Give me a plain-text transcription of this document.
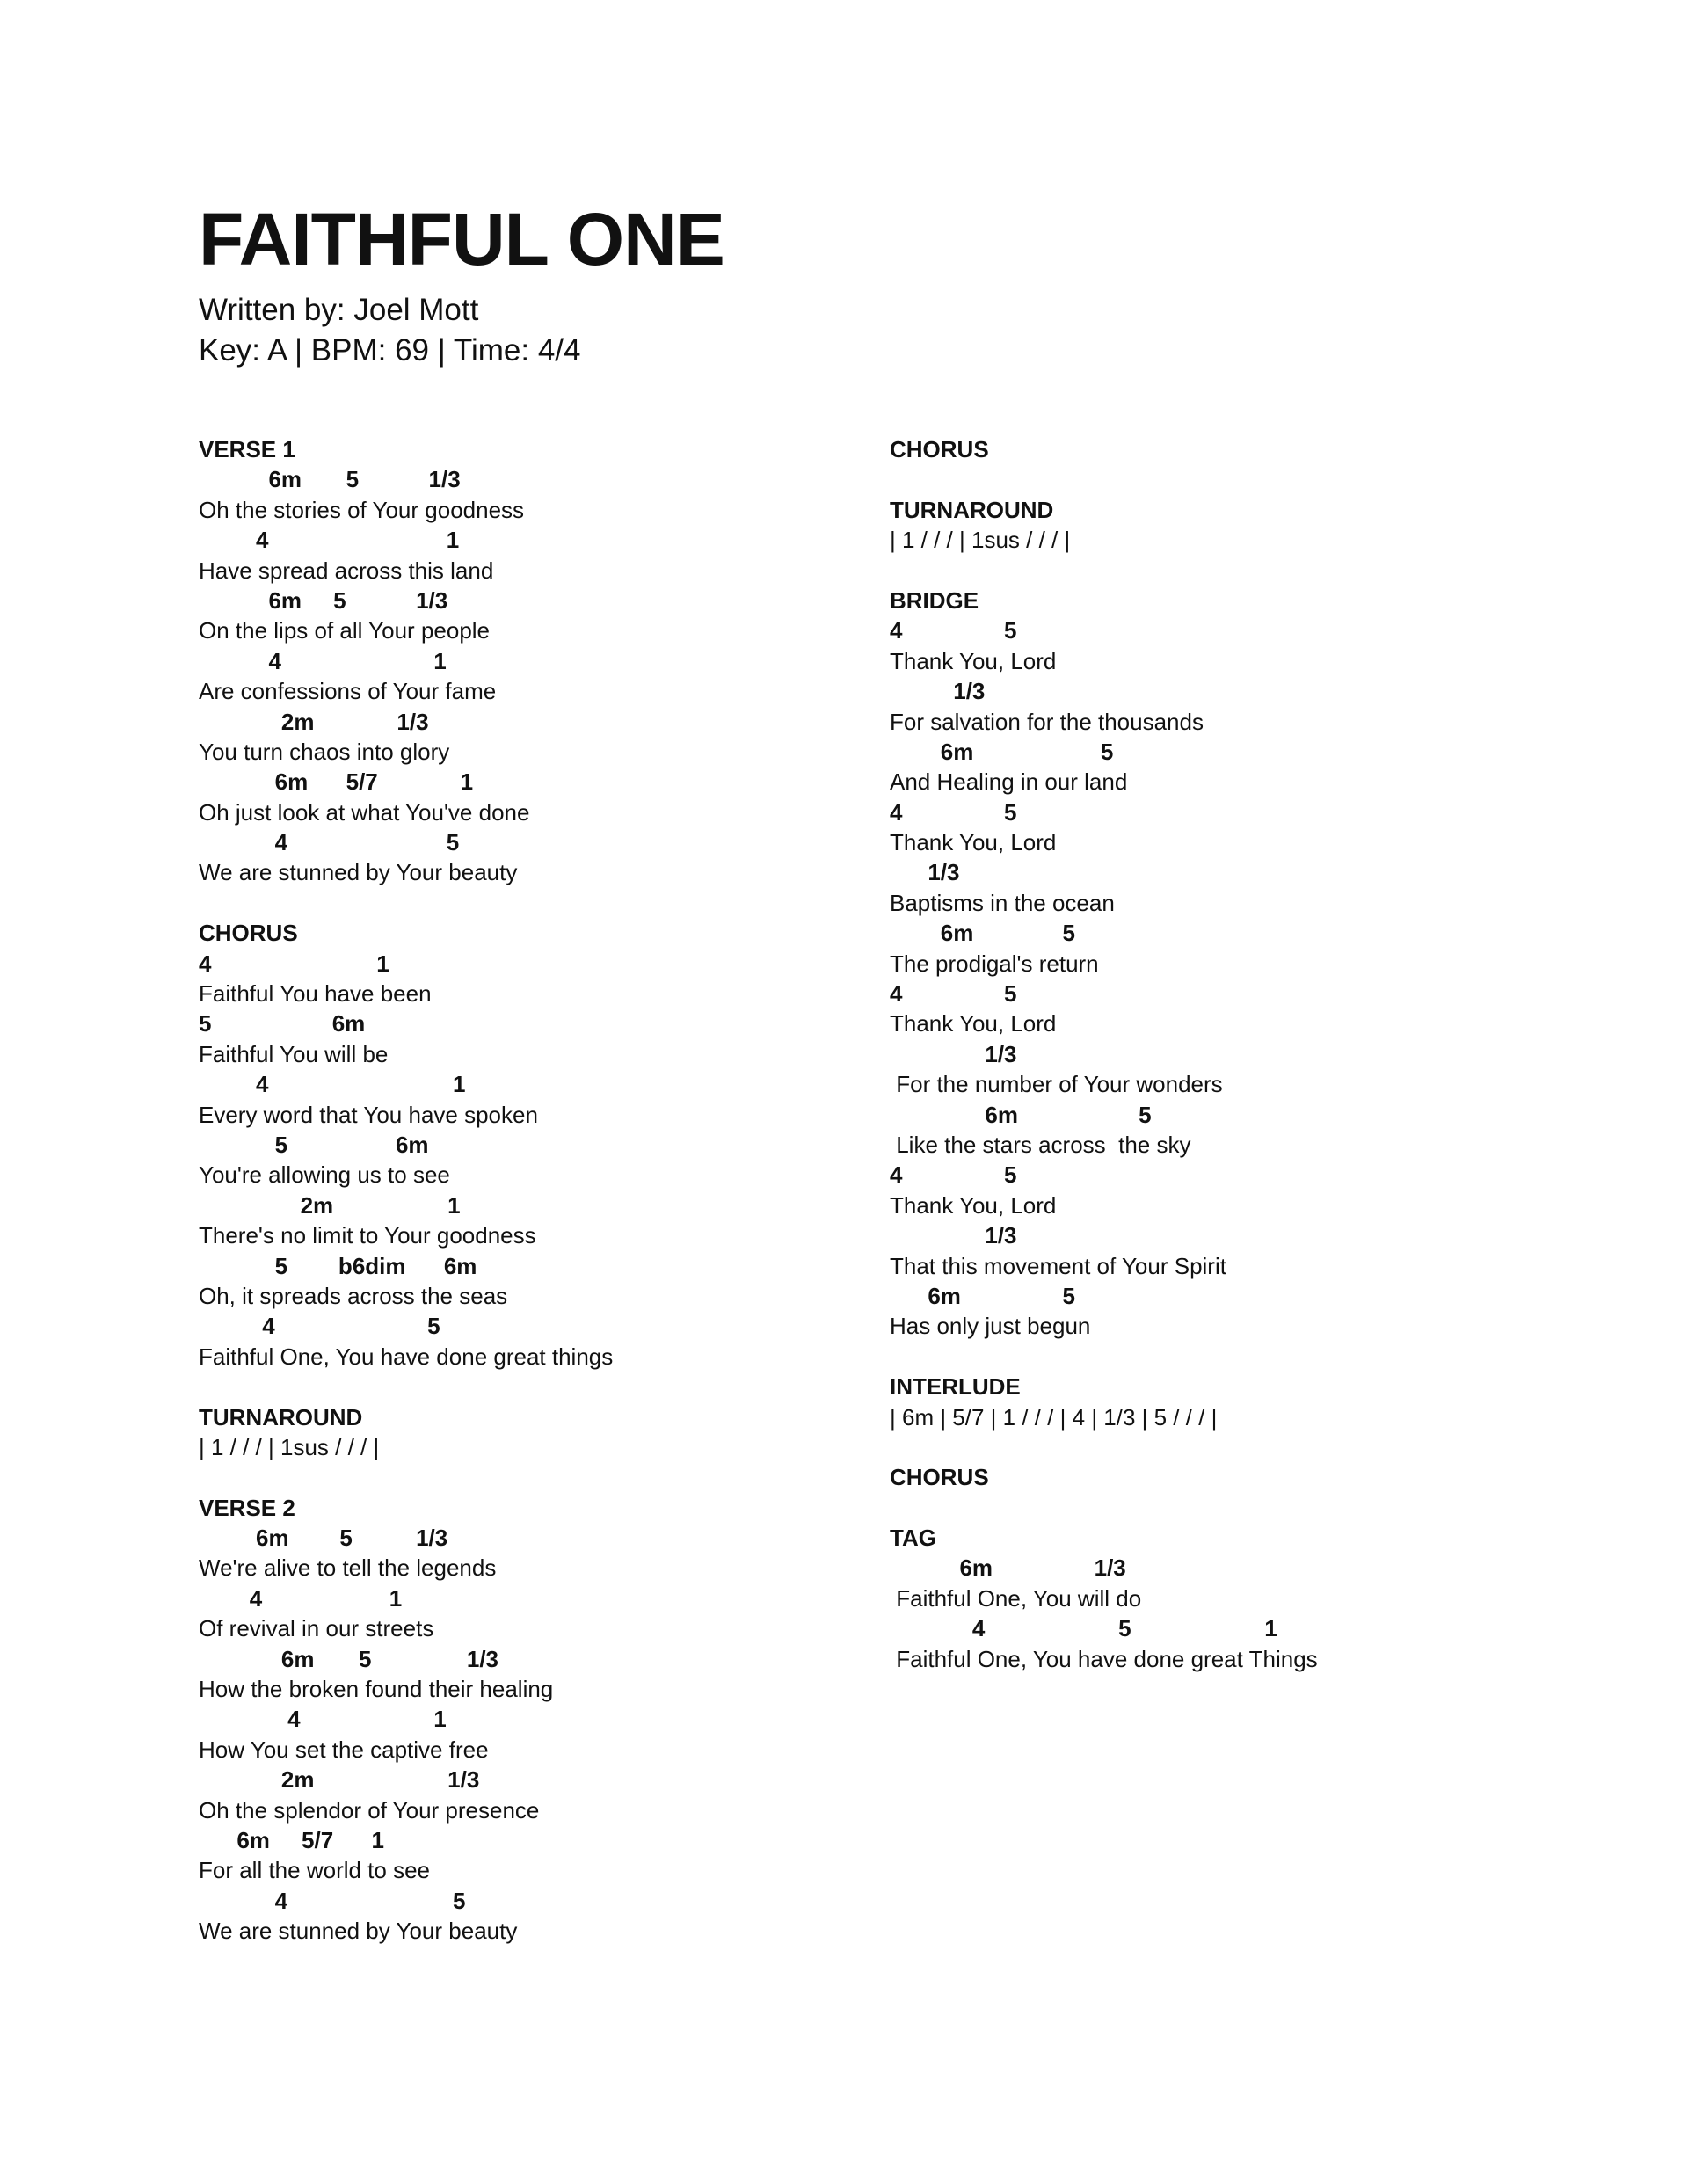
FAITHFUL ONE

Written by: Joel Mott

Key: A | BPM: 69 | Time: 4/4

VERSE 1
6m       5           1/3
Oh the stories of Your goodness
4                            1
Have spread across this land
6m     5           1/3
On the lips of all Your people
4                        1
Are confessions of Your fame
2m             1/3
You turn chaos into glory
6m      5/7             1
Oh just look at what You've done
4                         5
We are stunned by Your beauty
CHORUS
4                          1
Faithful You have been
5                   6m
Faithful You will be
4                             1
Every word that You have spoken
5                 6m
You're allowing us to see
2m                  1
There's no limit to Your goodness
5        b6dim      6m
Oh, it spreads across the seas
4                        5
Faithful One, You have done great things
TURNAROUND
| 1 / / / | 1sus / / / |
VERSE 2
6m        5          1/3
We're alive to tell the legends
4                    1
Of revival in our streets
6m       5               1/3
How the broken found their healing
4                     1
How You set the captive free
2m                     1/3
Oh the splendor of Your presence
6m     5/7      1
For all the world to see
4                          5
We are stunned by Your beauty
CHORUS
TURNAROUND
| 1 / / / | 1sus / / / |
BRIDGE
4                5
Thank You, Lord
1/3
For salvation for the thousands
6m                    5
And Healing in our land
4                5
Thank You, Lord
1/3
Baptisms in the ocean
6m              5
The prodigal's return
4                5
Thank You, Lord
1/3
For the number of Your wonders
6m                   5
Like the stars across  the sky
4                5
Thank You, Lord
1/3
That this movement of Your Spirit
6m                5
Has only just begun
INTERLUDE
| 6m | 5/7 | 1 / / / | 4 | 1/3 | 5 / / / |
CHORUS
TAG
6m                1/3
Faithful One, You will do
4                     5                     1
Faithful One, You have done great Things
